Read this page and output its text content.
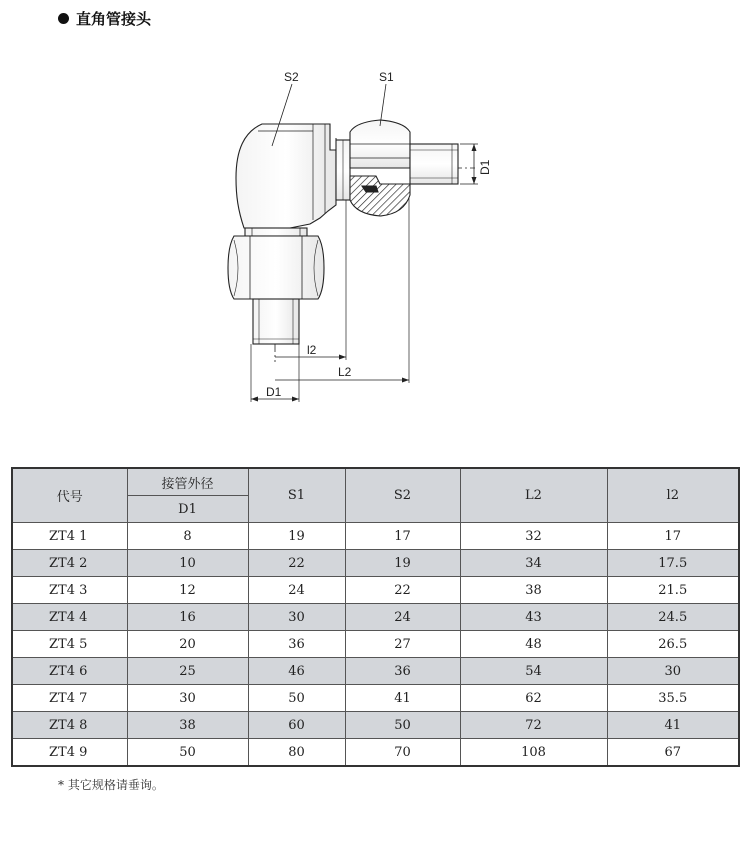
直角管接头
S2	S1
D1
l2
L2
D1
代号	接管外径	S1	S2	L2	l2
	D1				
ZT4 1	8	19	17	32	17
ZT4 2	10	22	19	34	17.5
ZT4 3	12	24	22	38	21.5
ZT4 4	16	30	24	43	24.5
ZT4 5	20	36	27	48	26.5
ZT4 6	25	46	36	54	30
ZT4 7	30	50	41	62	35.5
ZT4 8	38	60	50	72	41
ZT4 9	50	80	70	108	67
* 其它规格请垂询。
